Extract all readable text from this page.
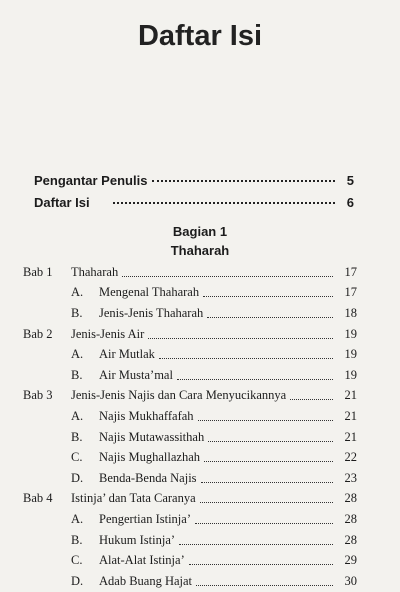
Daftar Isi
Pengantar Penulis	5
Daftar Isi	6
Bagian 1
Thaharah
Bab 1	Thaharah	17
A.	Mengenal Thaharah	17
B.	Jenis-Jenis Thaharah	18
Bab 2	Jenis-Jenis Air	19
A.	Air Mutlak	19
B.	Air Musta’mal	19
Bab 3	Jenis-Jenis Najis dan Cara Menyucikannya	21
A.	Najis Mukhaffafah	21
B.	Najis Mutawassithah	21
C.	Najis Mughallazhah	22
D.	Benda-Benda Najis	23
Bab 4	Istinja’ dan Tata Caranya	28
A.	Pengertian Istinja’	28
B.	Hukum Istinja’	28
C.	Alat-Alat Istinja’	29
D.	Adab Buang Hajat	30
